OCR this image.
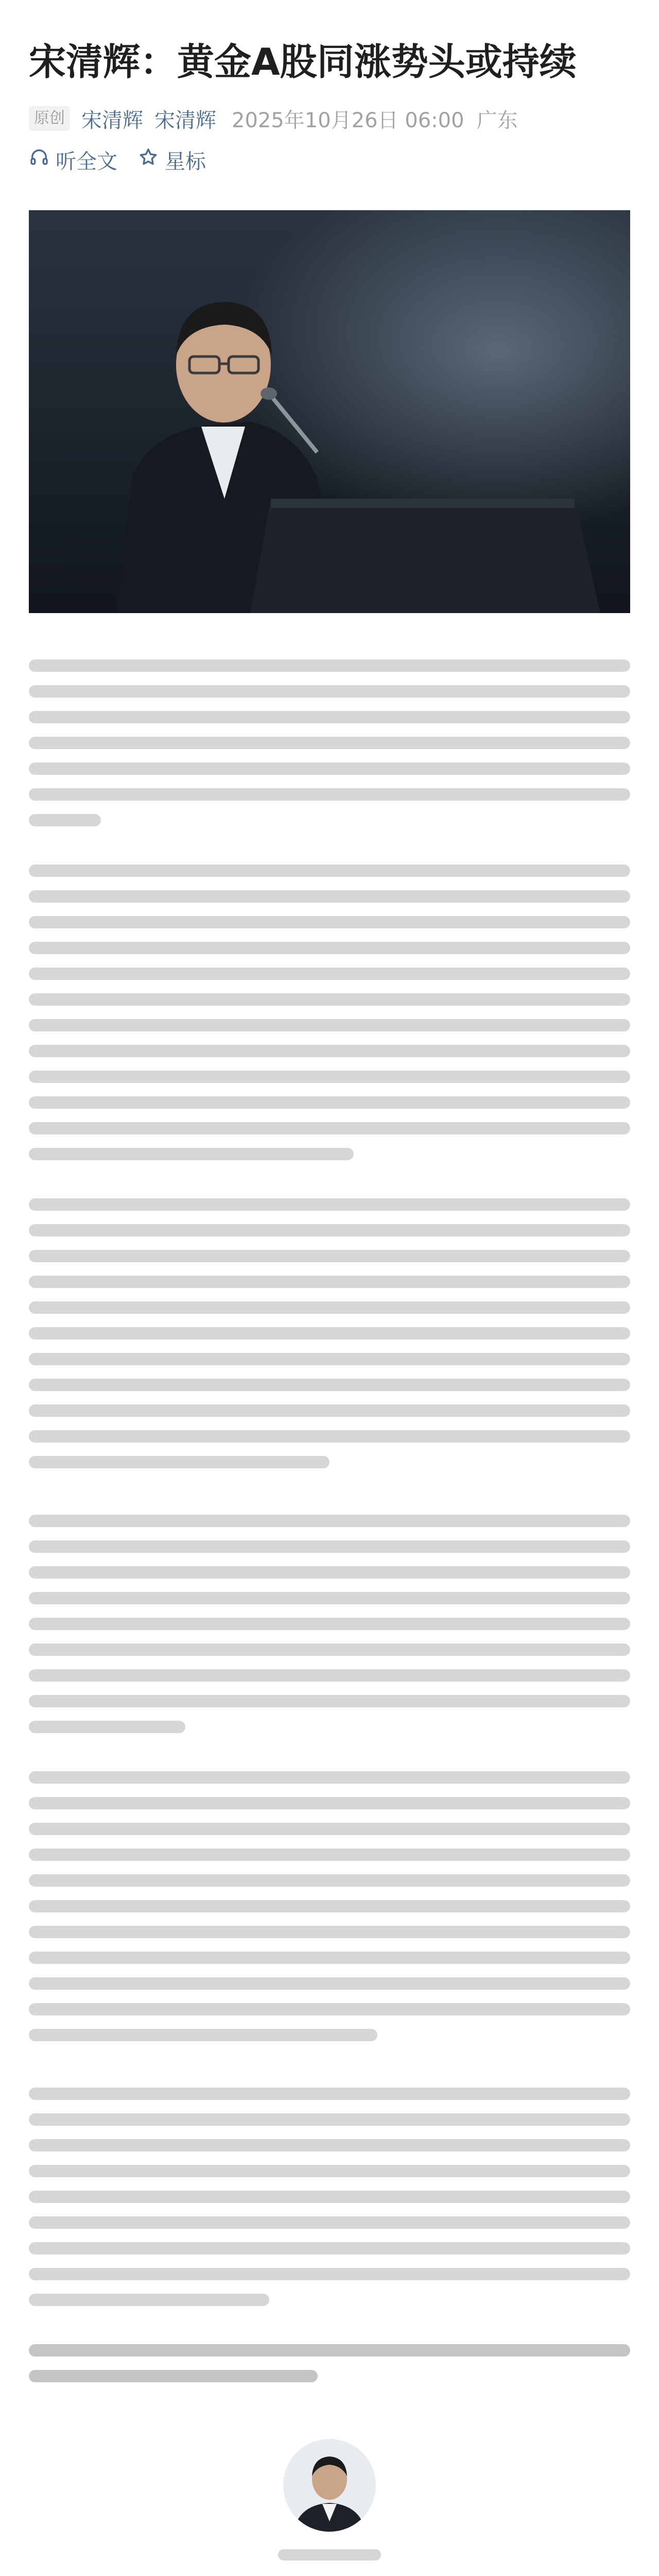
宋清辉：黄金A股同涨势头或持续
原创 宋清辉 宋清辉 2025年10月26日 06:00 广东
听全文 星标
